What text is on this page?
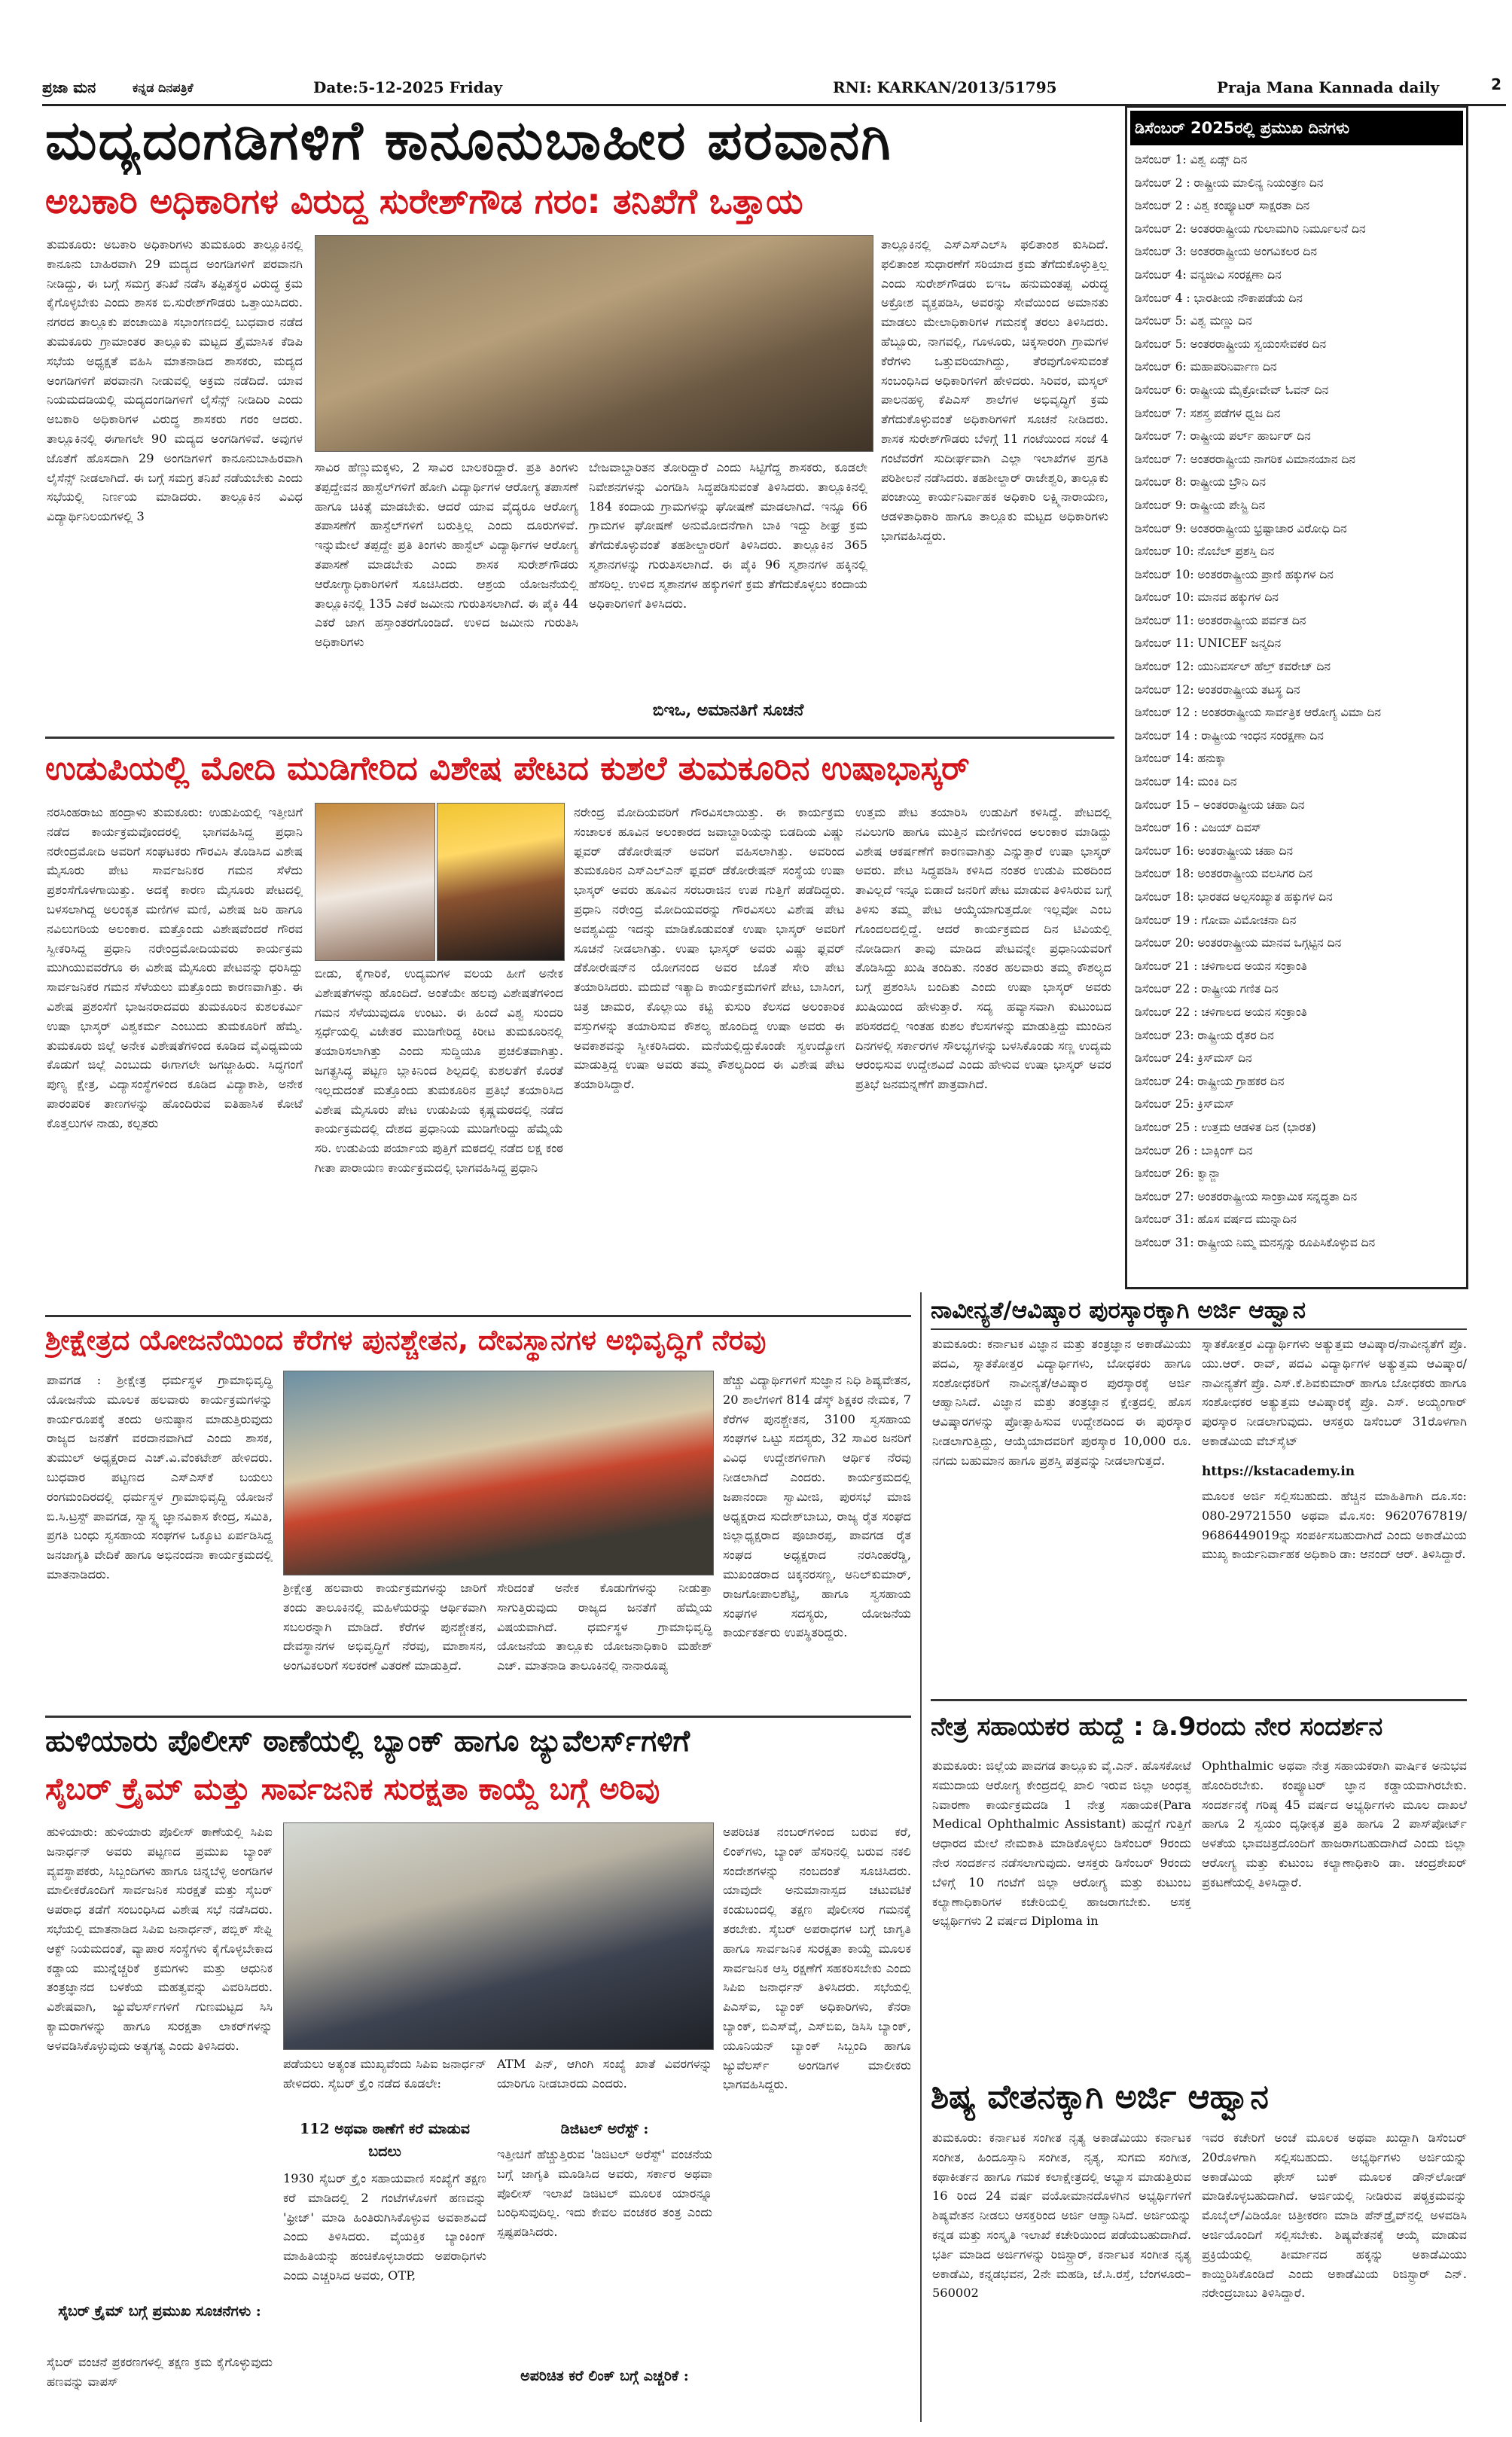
ಪ್ರಜಾ ಮನ	ಕನ್ನಡ ದಿನಪತ್ರಿಕೆ	Date:5-12-2025 Friday	RNI: KARKAN/2013/51795	Praja Mana Kannada daily	2
ಮದ್ಯದಂಗಡಿಗಳಿಗೆ ಕಾನೂನುಬಾಹೀರ ಪರವಾನಗಿ
ಅಬಕಾರಿ ಅಧಿಕಾರಿಗಳ ವಿರುದ್ಧ ಸುರೇಶ್‌ಗೌಡ ಗರಂ: ತನಿಖೆಗೆ ಒತ್ತಾಯ
ತುಮಕೂರು: ಅಬಕಾರಿ ಅಧಿಕಾರಿಗಳು ತುಮಕೂರು ತಾಲ್ಲೂಕಿನಲ್ಲಿ ಕಾನೂನು ಬಾಹಿರವಾಗಿ 29 ಮದ್ಯದ ಅಂಗಡಿಗಳಿಗೆ ಪರವಾನಗಿ ನೀಡಿದ್ದು, ಈ ಬಗ್ಗೆ ಸಮಗ್ರ ತನಿಖೆ ನಡೆಸಿ ತಪ್ಪಿತಸ್ಥರ ವಿರುದ್ಧ ಕ್ರಮ ಕೈಗೊಳ್ಳಬೇಕು ಎಂದು ಶಾಸಕ ಬಿ.ಸುರೇಶ್‌ಗೌಡರು ಒತ್ತಾಯಿಸಿದರು. ನಗರದ ತಾಲ್ಲೂಕು ಪಂಚಾಯಿತಿ ಸಭಾಂಗಣದಲ್ಲಿ ಬುಧವಾರ ನಡೆದ ತುಮಕೂರು ಗ್ರಾಮಾಂತರ ತಾಲ್ಲೂಕು ಮಟ್ಟದ ತ್ರೈಮಾಸಿಕ ಕೆಡಿಪಿ ಸಭೆಯ ಅಧ್ಯಕ್ಷತೆ ವಹಿಸಿ ಮಾತನಾಡಿದ ಶಾಸಕರು, ಮದ್ಯದ ಅಂಗಡಿಗಳಿಗೆ ಪರವಾನಗಿ ನೀಡುವಲ್ಲಿ ಅಕ್ರಮ ನಡೆದಿದೆ. ಯಾವ ನಿಯಮದಡಿಯಲ್ಲಿ ಮದ್ಯದಂಗಡಿಗಳಿಗೆ ಲೈಸೆನ್ಸ್ ನೀಡಿದಿರಿ ಎಂದು ಅಬಕಾರಿ ಅಧಿಕಾರಿಗಳ ವಿರುದ್ಧ ಶಾಸಕರು ಗರಂ ಆದರು. ತಾಲ್ಲೂಕಿನಲ್ಲಿ ಈಗಾಗಲೇ 90 ಮದ್ಯದ ಅಂಗಡಿಗಳಿವೆ. ಅವುಗಳ ಜೊತೆಗೆ ಹೊಸದಾಗಿ 29 ಅಂಗಡಿಗಳಿಗೆ ಕಾನೂನುಬಾಹಿರವಾಗಿ ಲೈಸೆನ್ಸ್ ನೀಡಲಾಗಿದೆ. ಈ ಬಗ್ಗೆ ಸಮಗ್ರ ತನಿಖೆ ನಡೆಯಬೇಕು ಎಂದು ಸಭೆಯಲ್ಲಿ ನಿರ್ಣಯ ಮಾಡಿದರು. ತಾಲ್ಲೂಕಿನ ವಿವಿಧ ವಿದ್ಯಾರ್ಥಿನಿಲಯಗಳಲ್ಲಿ 3
ಸಾವಿರ ಹೆಣ್ಣುಮಕ್ಕಳು, 2 ಸಾವಿರ ಬಾಲಕರಿದ್ದಾರೆ. ಪ್ರತಿ ತಿಂಗಳು ತಪ್ಪದ್ದೇವನ ಹಾಸ್ಟೆಲ್‌ಗಳಿಗೆ ಹೋಗಿ ವಿದ್ಯಾರ್ಥಿಗಳ ಆರೋಗ್ಯ ತಪಾಸಣೆ ಹಾಗೂ ಚಿಕಿತ್ಸೆ ಮಾಡಬೇಕು. ಆದರೆ ಯಾವ ವೈದ್ಯರೂ ಆರೋಗ್ಯ ತಪಾಸಣೆಗೆ ಹಾಸ್ಟೆಲ್‌ಗಳಿಗೆ ಬರುತ್ತಿಲ್ಲ ಎಂದು ದೂರುಗಳಿವೆ. ಇನ್ನುಮೇಲೆ ತಪ್ಪದ್ದೇ ಪ್ರತಿ ತಿಂಗಳು ಹಾಸ್ಟೆಲ್ ವಿದ್ಯಾರ್ಥಿಗಳ ಆರೋಗ್ಯ ತಪಾಸಣೆ ಮಾಡಬೇಕು ಎಂದು ಶಾಸಕ ಸುರೇಶ್‌ಗೌಡರು ಆರೋಗ್ಯಾಧಿಕಾರಿಗಳಿಗೆ ಸೂಚಿಸಿದರು. ಆಶ್ರಯ ಯೋಜನೆಯಲ್ಲಿ ತಾಲ್ಲೂಕಿನಲ್ಲಿ 135 ಎಕರೆ ಜಮೀನು ಗುರುತಿಸಲಾಗಿದೆ. ಈ ಪೈಕಿ 44 ಎಕರೆ ಜಾಗ ಹಸ್ತಾಂತರಗೊಂಡಿದೆ. ಉಳಿದ ಜಮೀನು ಗುರುತಿಸಿ ಅಧಿಕಾರಿಗಳು
ಬೇಜವಾಬ್ದಾರಿತನ ತೋರಿದ್ದಾರೆ ಎಂದು ಸಿಟ್ಟಿಗೆದ್ದ ಶಾಸಕರು, ಕೂಡಲೇ ನಿವೇಶನಗಳನ್ನು ವಿಂಗಡಿಸಿ ಸಿದ್ಧಪಡಿಸುವಂತೆ ತಿಳಿಸಿದರು. ತಾಲ್ಲೂಕಿನಲ್ಲಿ 184 ಕಂದಾಯ ಗ್ರಾಮಗಳನ್ನು ಘೋಷಣೆ ಮಾಡಲಾಗಿದೆ. ಇನ್ನೂ 66 ಗ್ರಾಮಗಳ ಘೋಷಣೆ ಅನುಮೋದನೆಗಾಗಿ ಬಾಕಿ ಇದ್ದು ಶೀಘ್ರ ಕ್ರಮ ತೆಗೆದುಕೊಳ್ಳುವಂತೆ ತಹಶೀಲ್ದಾರರಿಗೆ ತಿಳಿಸಿದರು. ತಾಲ್ಲೂಕಿನ 365 ಸ್ಮಶಾನಗಳನ್ನು ಗುರುತಿಸಲಾಗಿದೆ. ಈ ಪೈಕಿ 96 ಸ್ಮಶಾನಗಳ ಹಕ್ಕಿನಲ್ಲಿ ಹೆಸರಿಲ್ಲ. ಉಳಿದ ಸ್ಮಶಾನಗಳ ಹಕ್ಕುಗಳಿಗೆ ಕ್ರಮ ತೆಗೆದುಕೊಳ್ಳಲು ಕಂದಾಯ ಅಧಿಕಾರಿಗಳಿಗೆ ತಿಳಿಸಿದರು.
ಬಿಇಒ, ಅಮಾನತಿಗೆ ಸೂಚನೆ
ತಾಲ್ಲೂಕಿನಲ್ಲಿ ಎಸ್‌ಎಸ್‌ಎಲ್‌ಸಿ ಫಲಿತಾಂಶ ಕುಸಿದಿದೆ. ಫಲಿತಾಂಶ ಸುಧಾರಣೆಗೆ ಸರಿಯಾದ ಕ್ರಮ ತೆಗೆದುಕೊಳ್ಳುತ್ತಿಲ್ಲ ಎಂದು ಸುರೇಶ್‌ಗೌಡರು ಬಿಇಒ ಹನುಮಂತಪ್ಪ ವಿರುದ್ಧ ಅಕ್ರೋಶ ವ್ಯಕ್ತಪಡಿಸಿ, ಅವರನ್ನು ಸೇವೆಯಿಂದ ಅಮಾನತು ಮಾಡಲು ಮೇಲಾಧಿಕಾರಿಗಳ ಗಮನಕ್ಕೆ ತರಲು ತಿಳಿಸಿದರು. ಹೆಬ್ಬೂರು, ನಾಗವಲ್ಲಿ, ಗೂಳೂರು, ಚಿಕ್ಕಸಾರಂಗಿ ಗ್ರಾಮಗಳ ಕೆರೆಗಳು ಒತ್ತುವರಿಯಾಗಿದ್ದು, ತೆರವುಗೊಳಿಸುವಂತೆ ಸಂಬಂಧಿಸಿದ ಅಧಿಕಾರಿಗಳಿಗೆ ಹೇಳಿದರು. ಸಿರಿವರ, ಮಸ್ಕಲ್ ಪಾಲನಹಳ್ಳಿ ಕೆಪಿಎಸ್ ಶಾಲೆಗಳ ಅಭಿವೃದ್ಧಿಗೆ ಕ್ರಮ ತೆಗೆದುಕೊಳ್ಳುವಂತೆ ಅಧಿಕಾರಿಗಳಿಗೆ ಸೂಚನೆ ನೀಡಿದರು. ಶಾಸಕ ಸುರೇಶ್‌ಗೌಡರು ಬೆಳಿಗ್ಗೆ 11 ಗಂಟೆಯಿಂದ ಸಂಜೆ 4 ಗಂಟೆವರೆಗೆ ಸುದೀರ್ಘವಾಗಿ ಎಲ್ಲಾ ಇಲಾಖೆಗಳ ಪ್ರಗತಿ ಪರಿಶೀಲನೆ ನಡೆಸಿದರು. ತಹಶೀಲ್ದಾರ್ ರಾಜೇಶ್ವರಿ, ತಾಲ್ಲೂಕು ಪಂಚಾಯ್ತಿ ಕಾರ್ಯನಿರ್ವಾಹಕ ಅಧಿಕಾರಿ ಲಕ್ಷ್ಮಿನಾರಾಯಣ, ಆಡಳಿತಾಧಿಕಾರಿ ಹಾಗೂ ತಾಲ್ಲೂಕು ಮಟ್ಟದ ಅಧಿಕಾರಿಗಳು ಭಾಗವಹಿಸಿದ್ದರು.
ಡಿಸೆಂಬರ್ 2025ರಲ್ಲಿ ಪ್ರಮುಖ ದಿನಗಳು
ಡಿಸೆಂಬರ್ 1: ವಿಶ್ವ ಏಡ್ಸ್ ದಿನ
ಡಿಸೆಂಬರ್ 2 : ರಾಷ್ಟ್ರೀಯ ಮಾಲಿನ್ಯ ನಿಯಂತ್ರಣ ದಿನ
ಡಿಸೆಂಬರ್ 2 : ವಿಶ್ವ ಕಂಪ್ಯೂಟರ್ ಸಾಕ್ಷರತಾ ದಿನ
ಡಿಸೆಂಬರ್ 2: ಅಂತರರಾಷ್ಟ್ರೀಯ ಗುಲಾಮಗಿರಿ ನಿರ್ಮೂಲನೆ ದಿನ
ಡಿಸೆಂಬರ್ 3: ಅಂತರರಾಷ್ಟ್ರೀಯ ಅಂಗವಿಕಲರ ದಿನ
ಡಿಸೆಂಬರ್ 4: ವನ್ಯಜೀವಿ ಸಂರಕ್ಷಣಾ ದಿನ
ಡಿಸೆಂಬರ್ 4 : ಭಾರತೀಯ ನೌಕಾಪಡೆಯ ದಿನ
ಡಿಸೆಂಬರ್ 5: ವಿಶ್ವ ಮಣ್ಣು ದಿನ
ಡಿಸೆಂಬರ್ 5: ಅಂತರರಾಷ್ಟ್ರೀಯ ಸ್ವಯಂಸೇವಕರ ದಿನ
ಡಿಸೆಂಬರ್ 6: ಮಹಾಪರಿನಿರ್ವಾಣ ದಿನ
ಡಿಸೆಂಬರ್ 6: ರಾಷ್ಟ್ರೀಯ ಮೈಕ್ರೋವೇವ್ ಓವನ್ ದಿನ
ಡಿಸೆಂಬರ್ 7: ಸಶಸ್ತ್ರ ಪಡೆಗಳ ಧ್ವಜ ದಿನ
ಡಿಸೆಂಬರ್ 7: ರಾಷ್ಟ್ರೀಯ ಪರ್ಲ್ ಹಾರ್ಬರ್ ದಿನ
ಡಿಸೆಂಬರ್ 7: ಅಂತರರಾಷ್ಟ್ರೀಯ ನಾಗರಿಕ ವಿಮಾನಯಾನ ದಿನ
ಡಿಸೆಂಬರ್ 8: ರಾಷ್ಟ್ರೀಯ ಬ್ರೌನಿ ದಿನ
ಡಿಸೆಂಬರ್ 9: ರಾಷ್ಟ್ರೀಯ ಪೇಸ್ಟ್ರಿ ದಿನ
ಡಿಸೆಂಬರ್ 9: ಅಂತರರಾಷ್ಟ್ರೀಯ ಭ್ರಷ್ಟಾಚಾರ ವಿರೋಧಿ ದಿನ
ಡಿಸೆಂಬರ್ 10: ನೊಬೆಲ್ ಪ್ರಶಸ್ತಿ ದಿನ
ಡಿಸೆಂಬರ್ 10: ಅಂತರರಾಷ್ಟ್ರೀಯ ಪ್ರಾಣಿ ಹಕ್ಕುಗಳ ದಿನ
ಡಿಸೆಂಬರ್ 10: ಮಾನವ ಹಕ್ಕುಗಳ ದಿನ
ಡಿಸೆಂಬರ್ 11: ಅಂತರರಾಷ್ಟ್ರೀಯ ಪರ್ವತ ದಿನ
ಡಿಸೆಂಬರ್ 11: UNICEF ಜನ್ಮದಿನ
ಡಿಸೆಂಬರ್ 12: ಯುನಿವರ್ಸಲ್ ಹೆಲ್ತ್ ಕವರೇಜ್ ದಿನ
ಡಿಸೆಂಬರ್ 12: ಅಂತರರಾಷ್ಟ್ರೀಯ ತಟಸ್ಥ ದಿನ
ಡಿಸೆಂಬರ್ 12 : ಅಂತರರಾಷ್ಟ್ರೀಯ ಸಾರ್ವತ್ರಿಕ ಆರೋಗ್ಯ ವಿಮಾ ದಿನ
ಡಿಸೆಂಬರ್ 14 : ರಾಷ್ಟ್ರೀಯ ಇಂಧನ ಸಂರಕ್ಷಣಾ ದಿನ
ಡಿಸೆಂಬರ್ 14: ಹನುಕ್ಕಾ
ಡಿಸೆಂಬರ್ 14: ಮಂಕಿ ದಿನ
ಡಿಸೆಂಬರ್ 15 – ಅಂತರರಾಷ್ಟ್ರೀಯ ಚಹಾ ದಿನ
ಡಿಸೆಂಬರ್ 16 : ವಿಜಯ್ ದಿವಸ್
ಡಿಸೆಂಬರ್ 16: ಅಂತರಾಷ್ಟ್ರೀಯ ಚಹಾ ದಿನ
ಡಿಸೆಂಬರ್ 18: ಅಂತರರಾಷ್ಟ್ರೀಯ ವಲಸಿಗರ ದಿನ
ಡಿಸೆಂಬರ್ 18: ಭಾರತದ ಅಲ್ಪಸಂಖ್ಯಾತ ಹಕ್ಕುಗಳ ದಿನ
ಡಿಸೆಂಬರ್ 19 : ಗೋವಾ ವಿಮೋಚನಾ ದಿನ
ಡಿಸೆಂಬರ್ 20: ಅಂತರರಾಷ್ಟ್ರೀಯ ಮಾನವ ಒಗ್ಗಟ್ಟಿನ ದಿನ
ಡಿಸೆಂಬರ್ 21 : ಚಳಿಗಾಲದ ಅಯನ ಸಂಕ್ರಾಂತಿ
ಡಿಸೆಂಬರ್ 22 : ರಾಷ್ಟ್ರೀಯ ಗಣಿತ ದಿನ
ಡಿಸೆಂಬರ್ 22 : ಚಳಿಗಾಲದ ಅಯನ ಸಂಕ್ರಾಂತಿ
ಡಿಸೆಂಬರ್ 23: ರಾಷ್ಟ್ರೀಯ ರೈತರ ದಿನ
ಡಿಸೆಂಬರ್ 24: ಕ್ರಿಸ್‌ಮಸ್ ದಿನ
ಡಿಸೆಂಬರ್ 24: ರಾಷ್ಟ್ರೀಯ ಗ್ರಾಹಕರ ದಿನ
ಡಿಸೆಂಬರ್ 25: ಕ್ರಿಸ್‌ಮಸ್
ಡಿಸೆಂಬರ್ 25 : ಉತ್ತಮ ಆಡಳಿತ ದಿನ (ಭಾರತ)
ಡಿಸೆಂಬರ್ 26 : ಬಾಕ್ಸಿಂಗ್ ದಿನ
ಡಿಸೆಂಬರ್ 26: ಕ್ವಾನ್ಜಾ
ಡಿಸೆಂಬರ್ 27: ಅಂತರರಾಷ್ಟ್ರೀಯ ಸಾಂಕ್ರಾಮಿಕ ಸನ್ನದ್ಧತಾ ದಿನ
ಡಿಸೆಂಬರ್ 31: ಹೊಸ ವರ್ಷದ ಮುನ್ನಾದಿನ
ಡಿಸೆಂಬರ್ 31: ರಾಷ್ಟ್ರೀಯ ನಿಮ್ಮ ಮನಸ್ಸನ್ನು ರೂಪಿಸಿಕೊಳ್ಳುವ ದಿನ
ಉಡುಪಿಯಲ್ಲಿ ಮೋದಿ ಮುಡಿಗೇರಿದ ವಿಶೇಷ ಪೇಟದ ಕುಶಲೆ ತುಮಕೂರಿನ ಉಷಾಭಾಸ್ಕರ್
ನರಸಿಂಹರಾಜು ಹಂದ್ರಾಳು ತುಮಕೂರು: ಉಡುಪಿಯಲ್ಲಿ ಇತ್ತೀಚಿಗೆ ನಡೆದ ಕಾರ್ಯಕ್ರಮವೊಂದರಲ್ಲಿ ಭಾಗವಹಿಸಿದ್ದ ಪ್ರಧಾನಿ ನರೇಂದ್ರಮೋದಿ ಅವರಿಗೆ ಸಂಘಟಕರು ಗೌರವಿಸಿ ತೊಡಿಸಿದ ವಿಶೇಷ ಮೈಸೂರು ಪೇಟ ಸಾರ್ವಜನಿಕರ ಗಮನ ಸೆಳೆದು ಪ್ರಶಂಸೆಗೊಳಗಾಯಿತ್ತು. ಅದಕ್ಕೆ ಕಾರಣ ಮೈಸೂರು ಪೇಟದಲ್ಲಿ ಬಳಸಲಾಗಿದ್ದ ಅಲಂಕೃತ ಮಣಿಗಳ ಮಣಿ, ವಿಶೇಷ ಜರಿ ಹಾಗೂ ನವಿಲುಗರಿಯ ಅಲಂಕಾರ. ಮತ್ತೊಂದು ವಿಶೇಷವೆಂದರೆ ಗೌರವ ಸ್ವೀಕರಿಸಿದ್ದ ಪ್ರಧಾನಿ ನರೇಂದ್ರಮೋದಿಯವರು ಕಾರ್ಯಕ್ರಮ ಮುಗಿಯುವವರೆಗೂ ಈ ವಿಶೇಷ ಮೈಸೂರು ಪೇಟವನ್ನು ಧರಿಸಿದ್ದು ಸಾರ್ವಜನಿಕರ ಗಮನ ಸೆಳೆಯಲು ಮತ್ತೊಂದು ಕಾರಣವಾಗಿತ್ತು. ಈ ವಿಶೇಷ ಪ್ರಶಂಸೆಗೆ ಭಾಜನರಾದವರು ತುಮಕೂರಿನ ಕುಶಲಕರ್ಮಿ ಉಷಾ ಭಾಸ್ಕರ್ ವಿಶ್ವಕರ್ಮ ಎಂಬುದು ತುಮಕೂರಿಗೆ ಹೆಮ್ಮೆ. ತುಮಕೂರು ಜಿಲ್ಲೆ ಅನೇಕ ವಿಶೇಷತೆಗಳಿಂದ ಕೂಡಿದ ವೈವಿಧ್ಯಮಯ ಕೊಡುಗೆ ಜಿಲ್ಲೆ ಎಂಬುದು ಈಗಾಗಲೇ ಜಗಜ್ಜಾಹಿರು. ಸಿದ್ಧಗಂಗೆ ಪುಣ್ಯ ಕ್ಷೇತ್ರ, ವಿದ್ಯಾಸಂಸ್ಥೆಗಳಿಂದ ಕೂಡಿದ ವಿದ್ಯಾಕಾಶಿ, ಅನೇಕ ಪಾರಂಪರಿಕ ತಾಣಗಳನ್ನು ಹೊಂದಿರುವ ಐತಿಹಾಸಿಕ ಕೋಟೆ ಕೊತ್ತಲುಗಳ ನಾಡು, ಕಲ್ಪತರು
ಬೀಡು, ಕೈಗಾರಿಕೆ, ಉದ್ಯಮಗಳ ವಲಯ ಹೀಗೆ ಅನೇಕ ವಿಶೇಷತೆಗಳನ್ನು ಹೊಂದಿದೆ. ಅಂತೆಯೇ ಹಲವು ವಿಶೇಷತೆಗಳಿಂದ ಗಮನ ಸೆಳೆಯುವುದೂ ಉಂಟು. ಈ ಹಿಂದೆ ವಿಶ್ವ ಸುಂದರಿ ಸ್ಪರ್ಧೆಯಲ್ಲಿ ವಿಜೇತರ ಮುಡಿಗೇರಿದ್ದ ಕಿರೀಟ ತುಮಕೂರಿನಲ್ಲಿ ತಯಾರಿಸಲಾಗಿತ್ತು ಎಂದು ಸುದ್ದಿಯೂ ಪ್ರಚಲಿತವಾಗಿತ್ತು. ಜಗತ್ಪ್ರಸಿದ್ಧ ಪಟ್ಟಣ ಬ್ಲಾಕಿನಿಂದ ಶಿಲ್ಪದಲ್ಲಿ ಕುಶಲತೆಗೆ ಕೊರತೆ ಇಲ್ಲದುದಂತೆ ಮತ್ತೊಂದು ತುಮಕೂರಿನ ಪ್ರತಿಭೆ ತಯಾರಿಸಿದ ವಿಶೇಷ ಮೈಸೂರು ಪೇಟ ಉಡುಪಿಯ ಕೃಷ್ಣಮಠದಲ್ಲಿ ನಡೆದ ಕಾರ್ಯಕ್ರಮದಲ್ಲಿ ದೇಶದ ಪ್ರಧಾನಿಯ ಮುಡಿಗೇರಿದ್ದು ಹೆಮ್ಮೆಯೆ ಸರಿ. ಉಡುಪಿಯ ಪರ್ಯಾಯ ಪುತ್ತಿಗೆ ಮಠದಲ್ಲಿ ನಡೆದ ಲಕ್ಷ ಕಂಠ ಗೀತಾ ಪಾರಾಯಣ ಕಾರ್ಯಕ್ರಮದಲ್ಲಿ ಭಾಗವಹಿಸಿದ್ದ ಪ್ರಧಾನಿ
ನರೇಂದ್ರ ಮೋದಿಯವರಿಗೆ ಗೌರವಿಸಲಾಯಿತ್ತು. ಈ ಕಾರ್ಯಕ್ರಮ ಸಂಚಾಲಕ ಹೂವಿನ ಅಲಂಕಾರದ ಜವಾಬ್ದಾರಿಯನ್ನು ಬಿಡದಿಯ ವಿಷ್ಣು ಫ್ಲವರ್ ಡೆಕೋರೇಷನ್ ಅವರಿಗೆ ವಹಿಸಲಾಗಿತ್ತು. ಅವರಿಂದ ತುಮಕೂರಿನ ಎಸ್‌ಎಲ್‌ಎನ್ ಫ್ಲವರ್ ಡೆಕೋರೇಷನ್ ಸಂಸ್ಥೆಯ ಉಷಾ ಭಾಸ್ಕರ್ ಅವರು ಹೂವಿನ ಸರಬರಾಜಿನ ಉಪ ಗುತ್ತಿಗೆ ಪಡೆದಿದ್ದರು. ಪ್ರಧಾನಿ ನರೇಂದ್ರ ಮೋದಿಯವರನ್ನು ಗೌರವಿಸಲು ವಿಶೇಷ ಪೇಟ ಅವಶ್ಯವಿದ್ದು ಇದನ್ನು ಮಾಡಿಕೊಡುವಂತೆ ಉಷಾ ಭಾಸ್ಕರ್ ಅವರಿಗೆ ಸೂಚನೆ ನೀಡಲಾಗಿತ್ತು. ಉಷಾ ಭಾಸ್ಕರ್ ಅವರು ವಿಷ್ಣು ಫ್ಲವರ್ ಡೆಕೋರೇಷನ್‌ನ ಯೋಗನಂದ ಅವರ ಜೊತೆ ಸೇರಿ ಪೇಟ ತಯಾರಿಸಿದರು. ಮದುವೆ ಇತ್ಯಾದಿ ಕಾರ್ಯಕ್ರಮಗಳಿಗೆ ಪೇಟ, ಬಾಸಿಂಗ, ಚಿತ್ರ ಚಾಮರ, ಕೊಲ್ಲಾಯಿ ಕಟ್ಟಿ ಕುಸುರಿ ಕೆಲಸದ ಅಲಂಕಾರಿಕ ವಸ್ತುಗಳನ್ನು ತಯಾರಿಸುವ ಕೌಶಲ್ಯ ಹೊಂದಿದ್ದ ಉಷಾ ಅವರು ಈ ಅವಕಾಶವನ್ನು ಸ್ವೀಕರಿಸಿದರು. ಮನೆಯಲ್ಲಿದ್ದುಕೊಂಡೇ ಸ್ವಉದ್ಯೋಗ ಮಾಡುತ್ತಿದ್ದ ಉಷಾ ಅವರು ತಮ್ಮ ಕೌಶಲ್ಯದಿಂದ ಈ ವಿಶೇಷ ಪೇಟ ತಯಾರಿಸಿದ್ದಾರೆ.
ಉತ್ತಮ ಪೇಟ ತಯಾರಿಸಿ ಉಡುಪಿಗೆ ಕಳಿಸಿದ್ದೆ. ಪೇಟದಲ್ಲಿ ನವಿಲುಗರಿ ಹಾಗೂ ಮುತ್ತಿನ ಮಣಿಗಳಿಂದ ಅಲಂಕಾರ ಮಾಡಿದ್ದು ವಿಶೇಷ ಆಕರ್ಷಣೆಗೆ ಕಾರಣವಾಗಿತ್ತು ಎನ್ನುತ್ತಾರೆ ಉಷಾ ಭಾಸ್ಕರ್ ಅವರು. ಪೇಟ ಸಿದ್ಧಪಡಿಸಿ ಕಳಿಸಿದ ನಂತರ ಉಡುಪಿ ಮಠದಿಂದ ತಾವಿಲ್ಲದೆ ಇನ್ನೂ ಬಿಡಾದೆ ಜನರಿಗೆ ಪೇಟ ಮಾಡುವ ತಿಳಿಸಿರುವ ಬಗ್ಗೆ ತಿಳಿಸು ತಮ್ಮ ಪೇಟ ಆಯ್ಕೆಯಾಗುತ್ತದೋ ಇಲ್ಲವೋ ಎಂಬ ಗೊಂದಲದಲ್ಲಿದ್ದೆ. ಆದರೆ ಕಾರ್ಯಕ್ರಮದ ದಿನ ಟಿವಿಯಲ್ಲಿ ನೋಡಿದಾಗ ತಾವು ಮಾಡಿದ ಪೇಟವನ್ನೇ ಪ್ರಧಾನಿಯವರಿಗೆ ತೊಡಿಸಿದ್ದು ಖುಷಿ ತಂದಿತು. ನಂತರ ಹಲವಾರು ತಮ್ಮ ಕೌಶಲ್ಯದ ಬಗ್ಗೆ ಪ್ರಶಂಸಿಸಿ ಬಂದಿತು ಎಂದು ಉಷಾ ಭಾಸ್ಕರ್ ಅವರು ಖುಷಿಯಿಂದ ಹೇಳುತ್ತಾರೆ. ಸದ್ಯ ಹವ್ಯಾಸವಾಗಿ ಕುಟುಂಬದ ಪರಿಸರದಲ್ಲಿ ಇಂತಹ ಕುಶಲ ಕೆಲಸಗಳನ್ನು ಮಾಡುತ್ತಿದ್ದು ಮುಂದಿನ ದಿನಗಳಲ್ಲಿ ಸರ್ಕಾರಗಳ ಸೌಲಭ್ಯಗಳನ್ನು ಬಳಸಿಕೊಂಡು ಸಣ್ಣ ಉದ್ಯಮ ಆರಂಭಿಸುವ ಉದ್ದೇಶವಿದೆ ಎಂದು ಹೇಳುವ ಉಷಾ ಭಾಸ್ಕರ್ ಅವರ ಪ್ರತಿಭೆ ಜನಮನ್ನಣೆಗೆ ಪಾತ್ರವಾಗಿದೆ.
ಶ್ರೀಕ್ಷೇತ್ರದ ಯೋಜನೆಯಿಂದ ಕೆರೆಗಳ ಪುನಶ್ಚೇತನ, ದೇವಸ್ಥಾನಗಳ ಅಭಿವೃದ್ಧಿಗೆ ನೆರವು
ಪಾವಗಡ : ಶ್ರೀಕ್ಷೇತ್ರ ಧರ್ಮಸ್ಥಳ ಗ್ರಾಮಾಭಿವೃದ್ಧಿ ಯೋಜನೆಯ ಮೂಲಕ ಹಲವಾರು ಕಾರ್ಯಕ್ರಮಗಳನ್ನು ಕಾರ್ಯರೂಪಕ್ಕೆ ತಂದು ಅನುಷ್ಠಾನ ಮಾಡುತ್ತಿರುವುದು ರಾಜ್ಯದ ಜನತೆಗೆ ವರದಾನವಾಗಿದೆ ಎಂದು ಶಾಸಕ, ತುಮುಲ್ ಅಧ್ಯಕ್ಷರಾದ ಎಚ್.ವಿ.ವೆಂಕಟೇಶ್ ಹೇಳಿದರು. ಬುಧವಾರ ಪಟ್ಟಣದ ಎಸ್‌ಎಸ್‌ಕೆ ಬಯಲು ರಂಗಮಂದಿರದಲ್ಲಿ ಧರ್ಮಸ್ಥಳ ಗ್ರಾಮಾಭಿವೃದ್ಧಿ ಯೋಜನೆ ಬಿ.ಸಿ.ಟ್ರಸ್ಟ್ ಪಾವಗಡ, ಸ್ವಾಸ್ಥ್ಯ ಜ್ಞಾನವಿಕಾಸ ಕೇಂದ್ರ, ಸಮಿತಿ, ಪ್ರಗತಿ ಬಂಧು ಸ್ವಸಹಾಯ ಸಂಘಗಳ ಒಕ್ಕೂಟ ಏರ್ಪಡಿಸಿದ್ದ ಜನಜಾಗೃತಿ ವೇದಿಕೆ ಹಾಗೂ ಅಭಿನಂದನಾ ಕಾರ್ಯಕ್ರಮದಲ್ಲಿ ಮಾತನಾಡಿದರು.
ಶ್ರೀಕ್ಷೇತ್ರ ಹಲವಾರು ಕಾರ್ಯಕ್ರಮಗಳನ್ನು ಜಾರಿಗೆ ತಂದು ತಾಲೂಕಿನಲ್ಲಿ ಮಹಿಳೆಯರನ್ನು ಆರ್ಥಿಕವಾಗಿ ಸಬಲರನ್ನಾಗಿ ಮಾಡಿದೆ. ಕೆರೆಗಳ ಪುನಶ್ಚೇತನ, ದೇವಸ್ಥಾನಗಳ ಅಭಿವೃದ್ಧಿಗೆ ನೆರವು, ಮಾಶಾಸನ, ಅಂಗವಿಕಲರಿಗೆ ಸಲಕರಣೆ ವಿತರಣೆ ಮಾಡುತ್ತಿದೆ.
ಸೇರಿದಂತೆ ಅನೇಕ ಕೊಡುಗೆಗಳನ್ನು ನೀಡುತ್ತಾ ಸಾಗುತ್ತಿರುವುದು ರಾಜ್ಯದ ಜನತೆಗೆ ಹೆಮ್ಮೆಯ ವಿಷಯವಾಗಿದೆ. ಧರ್ಮಸ್ಥಳ ಗ್ರಾಮಾಭಿವೃದ್ಧಿ ಯೋಜನೆಯ ತಾಲ್ಲೂಕು ಯೋಜನಾಧಿಕಾರಿ ಮಹೇಶ್ ಎಚ್. ಮಾತನಾಡಿ ತಾಲೂಕಿನಲ್ಲಿ ನಾನಾರೂಪ್ಯ
ಹೆಚ್ಚು ವಿದ್ಯಾರ್ಥಿಗಳಿಗೆ ಸುಜ್ಞಾನ ನಿಧಿ ಶಿಷ್ಯವೇತನ, 20 ಶಾಲೆಗಳಿಗೆ 814 ಡೆಸ್ಕ್ ಶಿಕ್ಷಕರ ನೇಮಕ, 7 ಕೆರೆಗಳ ಪುನಶ್ಚೇತನ, 3100 ಸ್ವಸಹಾಯ ಸಂಘಗಳ ಒಟ್ಟು ಸದಸ್ಯರು, 32 ಸಾವಿರ ಜನರಿಗೆ ವಿವಿಧ ಉದ್ದೇಶಗಳಿಗಾಗಿ ಆರ್ಥಿಕ ನೆರವು ನೀಡಲಾಗಿದೆ ಎಂದರು. ಕಾರ್ಯಕ್ರಮದಲ್ಲಿ ಜಪಾನಂದಾ ಸ್ವಾಮೀಜಿ, ಪುರಸಭೆ ಮಾಜಿ ಅಧ್ಯಕ್ಷರಾದ ಸುದೇಶ್‌ಬಾಬು, ರಾಜ್ಯ ರೈತ ಸಂಘದ ಜಿಲ್ಲಾಧ್ಯಕ್ಷರಾದ ಪೂಜಾರಪ್ಪ, ಪಾವಗಡ ರೈತ ಸಂಘದ ಅಧ್ಯಕ್ಷರಾದ ನರಸಿಂಹರೆಡ್ಡಿ, ಮುಖಂಡರಾದ ಚಿಕ್ಕನರಸಣ್ಣ, ಅನಿಲ್‌ಕುಮಾರ್, ರಾಜಗೋಪಾಲಶೆಟ್ಟಿ, ಹಾಗೂ ಸ್ವಸಹಾಯ ಸಂಘಗಳ ಸದಸ್ಯರು, ಯೋಜನೆಯ ಕಾರ್ಯಕರ್ತರು ಉಪಸ್ಥಿತರಿದ್ದರು.
ನಾವೀನ್ಯತೆ/ಆವಿಷ್ಕಾರ ಪುರಸ್ಕಾರಕ್ಕಾಗಿ ಅರ್ಜಿ ಆಹ್ವಾನ
ತುಮಕೂರು: ಕರ್ನಾಟಕ ವಿಜ್ಞಾನ ಮತ್ತು ತಂತ್ರಜ್ಞಾನ ಅಕಾಡೆಮಿಯು ಪದವಿ, ಸ್ನಾತಕೋತ್ತರ ವಿದ್ಯಾರ್ಥಿಗಳು, ಬೋಧಕರು ಹಾಗೂ ಸಂಶೋಧಕರಿಗೆ ನಾವೀನ್ಯತೆ/ಆವಿಷ್ಕಾರ ಪುರಸ್ಕಾರಕ್ಕೆ ಅರ್ಜಿ ಆಹ್ವಾನಿಸಿದೆ. ವಿಜ್ಞಾನ ಮತ್ತು ತಂತ್ರಜ್ಞಾನ ಕ್ಷೇತ್ರದಲ್ಲಿ ಹೊಸ ಆವಿಷ್ಕಾರಗಳನ್ನು ಪ್ರೋತ್ಸಾಹಿಸುವ ಉದ್ದೇಶದಿಂದ ಈ ಪುರಸ್ಕಾರ ನೀಡಲಾಗುತ್ತಿದ್ದು, ಆಯ್ಕೆಯಾದವರಿಗೆ ಪುರಸ್ಕಾರ 10,000 ರೂ. ನಗದು ಬಹುಮಾನ ಹಾಗೂ ಪ್ರಶಸ್ತಿ ಪತ್ರವನ್ನು ನೀಡಲಾಗುತ್ತದೆ.
ಸ್ನಾತಕೋತ್ತರ ವಿದ್ಯಾರ್ಥಿಗಳು ಅತ್ಯುತ್ತಮ ಆವಿಷ್ಕಾರ/ನಾವೀನ್ಯತೆಗೆ ಪ್ರೊ. ಯು.ಆರ್. ರಾವ್, ಪದವಿ ವಿದ್ಯಾರ್ಥಿಗಳ ಅತ್ಯುತ್ತಮ ಆವಿಷ್ಕಾರ/ನಾವೀನ್ಯತೆಗೆ ಪ್ರೊ. ಎಸ್.ಕೆ.ಶಿವಕುಮಾರ್ ಹಾಗೂ ಬೋಧಕರು ಹಾಗೂ ಸಂಶೋಧಕರ ಅತ್ಯುತ್ತಮ ಆವಿಷ್ಕಾರಕ್ಕೆ ಪ್ರೊ. ಎಸ್. ಅಯ್ಯಂಗಾರ್ ಪುರಸ್ಕಾರ ನೀಡಲಾಗುವುದು. ಆಸಕ್ತರು ಡಿಸೆಂಬರ್ 31ರೊಳಗಾಗಿ ಅಕಾಡೆಮಿಯ ವೆಬ್‌ಸೈಟ್
https://kstacademy.in
ಮೂಲಕ ಅರ್ಜಿ ಸಲ್ಲಿಸಬಹುದು. ಹೆಚ್ಚಿನ ಮಾಹಿತಿಗಾಗಿ ದೂ.ಸಂ: 080-29721550 ಅಥವಾ ಮೊ.ಸಂ: 9620767819/ 9686449019ನ್ನು ಸಂಪರ್ಕಿಸಬಹುದಾಗಿದೆ ಎಂದು ಅಕಾಡೆಮಿಯ ಮುಖ್ಯ ಕಾರ್ಯನಿರ್ವಾಹಕ ಅಧಿಕಾರಿ ಡಾ: ಆನಂದ್ ಆರ್. ತಿಳಿಸಿದ್ದಾರೆ.
ನೇತ್ರ ಸಹಾಯಕರ ಹುದ್ದೆ : ಡಿ.9ರಂದು ನೇರ ಸಂದರ್ಶನ
ತುಮಕೂರು: ಜಿಲ್ಲೆಯ ಪಾವಗಡ ತಾಲ್ಲೂಕು ವೈ.ಎನ್. ಹೊಸಕೋಟೆ ಸಮುದಾಯ ಆರೋಗ್ಯ ಕೇಂದ್ರದಲ್ಲಿ ಖಾಲಿ ಇರುವ ಜಿಲ್ಲಾ ಅಂಧತ್ವ ನಿವಾರಣಾ ಕಾರ್ಯಕ್ರಮದಡಿ 1 ನೇತ್ರ ಸಹಾಯಕ(Para Medical Ophthalmic Assistant) ಹುದ್ದೆಗೆ ಗುತ್ತಿಗೆ ಆಧಾರದ ಮೇಲೆ ನೇಮಕಾತಿ ಮಾಡಿಕೊಳ್ಳಲು ಡಿಸೆಂಬರ್ 9ರಂದು ನೇರ ಸಂದರ್ಶನ ನಡೆಸಲಾಗುವುದು. ಆಸಕ್ತರು ಡಿಸೆಂಬರ್ 9ರಂದು ಬೆಳಿಗ್ಗೆ 10 ಗಂಟೆಗೆ ಜಿಲ್ಲಾ ಆರೋಗ್ಯ ಮತ್ತು ಕುಟುಂಬ ಕಲ್ಯಾಣಾಧಿಕಾರಿಗಳ ಕಚೇರಿಯಲ್ಲಿ ಹಾಜರಾಗಬೇಕು. ಅಸಕ್ತ ಅಭ್ಯರ್ಥಿಗಳು 2 ವರ್ಷದ Diploma in
Ophthalmic ಅಥವಾ ನೇತ್ರ ಸಹಾಯಕರಾಗಿ ವಾರ್ಷಿಕ ಅನುಭವ ಹೊಂದಿರಬೇಕು. ಕಂಪ್ಯೂಟರ್ ಜ್ಞಾನ ಕಡ್ಡಾಯವಾಗಿರಬೇಕು. ಸಂದರ್ಶನಕ್ಕೆ ಗರಿಷ್ಠ 45 ವರ್ಷದ ಅಭ್ಯರ್ಥಿಗಳು ಮೂಲ ದಾಖಲೆ ಹಾಗೂ 2 ಸ್ವಯಂ ದೃಢೀಕೃತ ಪ್ರತಿ ಹಾಗೂ 2 ಪಾಸ್‌ಪೋರ್ಟ್ ಅಳತೆಯ ಭಾವಚಿತ್ರದೊಂದಿಗೆ ಹಾಜರಾಗಬಹುದಾಗಿದೆ ಎಂದು ಜಿಲ್ಲಾ ಆರೋಗ್ಯ ಮತ್ತು ಕುಟುಂಬ ಕಲ್ಯಾಣಾಧಿಕಾರಿ ಡಾ. ಚಂದ್ರಶೇಖರ್ ಪ್ರಕಟಣೆಯಲ್ಲಿ ತಿಳಿಸಿದ್ದಾರೆ.
ಶಿಷ್ಯ ವೇತನಕ್ಕಾಗಿ ಅರ್ಜಿ ಆಹ್ವಾನ
ತುಮಕೂರು: ಕರ್ನಾಟಕ ಸಂಗೀತ ನೃತ್ಯ ಅಕಾಡೆಮಿಯು ಕರ್ನಾಟಕ ಸಂಗೀತ, ಹಿಂದೂಸ್ತಾನಿ ಸಂಗೀತ, ನೃತ್ಯ, ಸುಗಮ ಸಂಗೀತ, ಕಥಾಕೀರ್ತನ ಹಾಗೂ ಗಮಕ ಕಲಾಕ್ಷೇತ್ರದಲ್ಲಿ ಅಭ್ಯಾಸ ಮಾಡುತ್ತಿರುವ 16 ರಿಂದ 24 ವರ್ಷ ವಯೋಮಾನದೊಳಗಿನ ಅಭ್ಯರ್ಥಿಗಳಿಗೆ ಶಿಷ್ಯವೇತನ ನೀಡಲು ಆಸಕ್ತರಿಂದ ಅರ್ಜಿ ಆಹ್ವಾನಿಸಿದೆ. ಅರ್ಜಿಯನ್ನು ಕನ್ನಡ ಮತ್ತು ಸಂಸ್ಕೃತಿ ಇಲಾಖೆ ಕಚೇರಿಯಿಂದ ಪಡೆಯಬಹುದಾಗಿದೆ. ಭರ್ತಿ ಮಾಡಿದ ಅರ್ಜಿಗಳನ್ನು ರಿಜಿಸ್ಟ್ರಾರ್, ಕರ್ನಾಟಕ ಸಂಗೀತ ನೃತ್ಯ ಅಕಾಡೆಮಿ, ಕನ್ನಡಭವನ, 2ನೇ ಮಹಡಿ, ಜೆ.ಸಿ.ರಸ್ತೆ, ಬೆಂಗಳೂರು–560002
ಇವರ ಕಚೇರಿಗೆ ಅಂಚೆ ಮೂಲಕ ಅಥವಾ ಖುದ್ದಾಗಿ ಡಿಸೆಂಬರ್ 20ರೊಳಗಾಗಿ ಸಲ್ಲಿಸಬಹುದು. ಅಭ್ಯರ್ಥಿಗಳು ಅರ್ಜಿಯನ್ನು ಅಕಾಡೆಮಿಯ ಫೇಸ್ ಬುಕ್ ಮೂಲಕ ಡೌನ್‌ಲೋಡ್ ಮಾಡಿಕೊಳ್ಳಬಹುದಾಗಿದೆ. ಅರ್ಜಿಯಲ್ಲಿ ನೀಡಿರುವ ಪಠ್ಯಕ್ರಮವನ್ನು ಮೊಬೈಲ್/ವಿಡಿಯೋ ಚಿತ್ರೀಕರಣ ಮಾಡಿ ಪೆನ್‌ಡ್ರೈವ್‌ನಲ್ಲಿ ಅಳವಡಿಸಿ ಅರ್ಜಿಯೊಂದಿಗೆ ಸಲ್ಲಿಸಬೇಕು. ಶಿಷ್ಯವೇತನಕ್ಕೆ ಆಯ್ಕೆ ಮಾಡುವ ಪ್ರಕ್ರಿಯೆಯಲ್ಲಿ ತೀರ್ಮಾನದ ಹಕ್ಕನ್ನು ಅಕಾಡೆಮಿಯು ಕಾಯ್ದಿರಿಸಿಕೊಂಡಿದೆ ಎಂದು ಅಕಾಡೆಮಿಯ ರಿಜಿಸ್ಟ್ರಾರ್ ಎನ್. ನರೇಂದ್ರಬಾಬು ತಿಳಿಸಿದ್ದಾರೆ.
ಹುಳಿಯಾರು ಪೊಲೀಸ್ ಠಾಣೆಯಲ್ಲಿ ಬ್ಯಾಂಕ್ ಹಾಗೂ ಜ್ಯುವೆಲರ್ಸ್‌ಗಳಿಗೆ
ಸೈಬರ್ ಕ್ರೈಮ್ ಮತ್ತು ಸಾರ್ವಜನಿಕ ಸುರಕ್ಷತಾ ಕಾಯ್ದೆ ಬಗ್ಗೆ ಅರಿವು
ಹುಳಿಯಾರು: ಹುಳಿಯಾರು ಪೊಲೀಸ್ ಠಾಣೆಯಲ್ಲಿ ಸಿಪಿಐ ಜನಾರ್ಧನ್ ಅವರು ಪಟ್ಟಣದ ಪ್ರಮುಖ ಬ್ಯಾಂಕ್ ವ್ಯವಸ್ಥಾಪಕರು, ಸಿಬ್ಬಂದಿಗಳು ಹಾಗೂ ಚಿನ್ನಬೆಳ್ಳಿ ಅಂಗಡಿಗಳ ಮಾಲೀಕರೊಂದಿಗೆ ಸಾರ್ವಜನಿಕ ಸುರಕ್ಷತೆ ಮತ್ತು ಸೈಬರ್ ಅಪರಾಧ ತಡೆಗೆ ಸಂಬಂಧಿಸಿದ ವಿಶೇಷ ಸಭೆ ನಡೆಸಿದರು. ಸಭೆಯಲ್ಲಿ ಮಾತನಾಡಿದ ಸಿಪಿಐ ಜನಾರ್ಧನ್, ಪಬ್ಲಿಕ್ ಸೇಫ್ಟಿ ಆಕ್ಟ್ ನಿಯಮದಂತೆ, ವ್ಯಾಪಾರ ಸಂಸ್ಥೆಗಳು ಕೈಗೊಳ್ಳಬೇಕಾದ ಕಡ್ಡಾಯ ಮುನ್ನೆಚ್ಚರಿಕೆ ಕ್ರಮಗಳು ಮತ್ತು ಆಧುನಿಕ ತಂತ್ರಜ್ಞಾನದ ಬಳಕೆಯ ಮಹತ್ವವನ್ನು ವಿವರಿಸಿದರು. ವಿಶೇಷವಾಗಿ, ಜ್ಯುವೆಲರ್ಸ್‌ಗಳಿಗೆ ಗುಣಮಟ್ಟದ ಸಿಸಿ ಕ್ಯಾಮರಾಗಳನ್ನು ಹಾಗೂ ಸುರಕ್ಷತಾ ಲಾಕರ್‌ಗಳನ್ನು ಅಳವಡಿಸಿಕೊಳ್ಳುವುದು ಅತ್ಯಗತ್ಯ ಎಂದು ತಿಳಿಸಿದರು.
ಸೈಬರ್ ಕ್ರೈಮ್ ಬಗ್ಗೆ ಪ್ರಮುಖ ಸೂಚನೆಗಳು :
ಸೈಬರ್ ವಂಚನೆ ಪ್ರಕರಣಗಳಲ್ಲಿ ತಕ್ಷಣ ಕ್ರಮ ಕೈಗೊಳ್ಳುವುದು ಹಣವನ್ನು ವಾಪಸ್
ಪಡೆಯಲು ಅತ್ಯಂತ ಮುಖ್ಯವೆಂದು ಸಿಪಿಐ ಜನಾರ್ಧನ್ ಹೇಳಿದರು. ಸೈಬರ್ ಕ್ರೈಂ ನಡೆದ ಕೂಡಲೇ:
112 ಅಥವಾ ಠಾಣೆಗೆ ಕರೆ ಮಾಡುವ ಬದಲು
1930 ಸೈಬರ್ ಕ್ರೈಂ ಸಹಾಯವಾಣಿ ಸಂಖ್ಯೆಗೆ ತಕ್ಷಣ ಕರೆ ಮಾಡಿದಲ್ಲಿ 2 ಗಂಟೆಗಳೊಳಗೆ ಹಣವನ್ನು 'ಫ್ರೀಜ್' ಮಾಡಿ ಹಿಂತಿರುಗಿಸಿಕೊಳ್ಳುವ ಅವಕಾಶವಿದೆ ಎಂದು ತಿಳಿಸಿದರು. ವೈಯಕ್ತಿಕ ಬ್ಯಾಂಕಿಂಗ್ ಮಾಹಿತಿಯನ್ನು ಹಂಚಿಕೊಳ್ಳಬಾರದು ಅಪರಾಧಿಗಳು ಎಂದು ಎಚ್ಚರಿಸಿದ ಅವರು, OTP,
ATM ಪಿನ್, ಆಗಿಂಗಿ ಸಂಖ್ಯೆ ಖಾತೆ ವಿವರಗಳನ್ನು ಯಾರಿಗೂ ನೀಡಬಾರದು ಎಂದರು.
ಡಿಜಿಟಲ್ ಅರೆಸ್ಟ್ :
ಇತ್ತೀಚಿಗೆ ಹೆಚ್ಚುತ್ತಿರುವ 'ಡಿಜಿಟಲ್ ಅರೆಸ್ಟ್' ವಂಚನೆಯ ಬಗ್ಗೆ ಜಾಗೃತಿ ಮೂಡಿಸಿದ ಅವರು, ಸರ್ಕಾರ ಅಥವಾ ಪೊಲೀಸ್ ಇಲಾಖೆ ಡಿಜಿಟಲ್ ಮೂಲಕ ಯಾರನ್ನೂ ಬಂಧಿಸುವುದಿಲ್ಲ. ಇದು ಕೇವಲ ವಂಚಕರ ತಂತ್ರ ಎಂದು ಸ್ಪಷ್ಟಪಡಿಸಿದರು.
ಅಪರಿಚಿತ ಕರೆ ಲಿಂಕ್ ಬಗ್ಗೆ ಎಚ್ಚರಿಕೆ :
ಅಪರಿಚಿತ ನಂಬರ್‌ಗಳಿಂದ ಬರುವ ಕರೆ, ಲಿಂಕ್‌ಗಳು, ಬ್ಯಾಂಕ್ ಹೆಸರಿನಲ್ಲಿ ಬರುವ ನಕಲಿ ಸಂದೇಶಗಳನ್ನು ನಂಬದಂತೆ ಸೂಚಿಸಿದರು. ಯಾವುದೇ ಅನುಮಾನಾಸ್ಪದ ಚಟುವಟಿಕೆ ಕಂಡುಬಂದಲ್ಲಿ ತಕ್ಷಣ ಪೊಲೀಸರ ಗಮನಕ್ಕೆ ತರಬೇಕು. ಸೈಬರ್ ಅಪರಾಧಗಳ ಬಗ್ಗೆ ಜಾಗೃತಿ ಹಾಗೂ ಸಾರ್ವಜನಿಕ ಸುರಕ್ಷತಾ ಕಾಯ್ದೆ ಮೂಲಕ ಸಾರ್ವಜನಿಕ ಆಸ್ತಿ ರಕ್ಷಣೆಗೆ ಸಹಕರಿಸಬೇಕು ಎಂದು ಸಿಪಿಐ ಜನಾರ್ಧನ್ ತಿಳಿಸಿದರು. ಸಭೆಯಲ್ಲಿ ಪಿಎಸ್‌ಐ, ಬ್ಯಾಂಕ್ ಅಧಿಕಾರಿಗಳು, ಕೆನರಾ ಬ್ಯಾಂಕ್, ಬಿಎಸ್‌ವೈ, ಎಸ್‌ಬಿಐ, ಡಿಸಿಸಿ ಬ್ಯಾಂಕ್, ಯೂನಿಯನ್ ಬ್ಯಾಂಕ್ ಸಿಬ್ಬಂದಿ ಹಾಗೂ ಜ್ಯುವೆಲರ್ಸ್ ಅಂಗಡಿಗಳ ಮಾಲೀಕರು ಭಾಗವಹಿಸಿದ್ದರು.
